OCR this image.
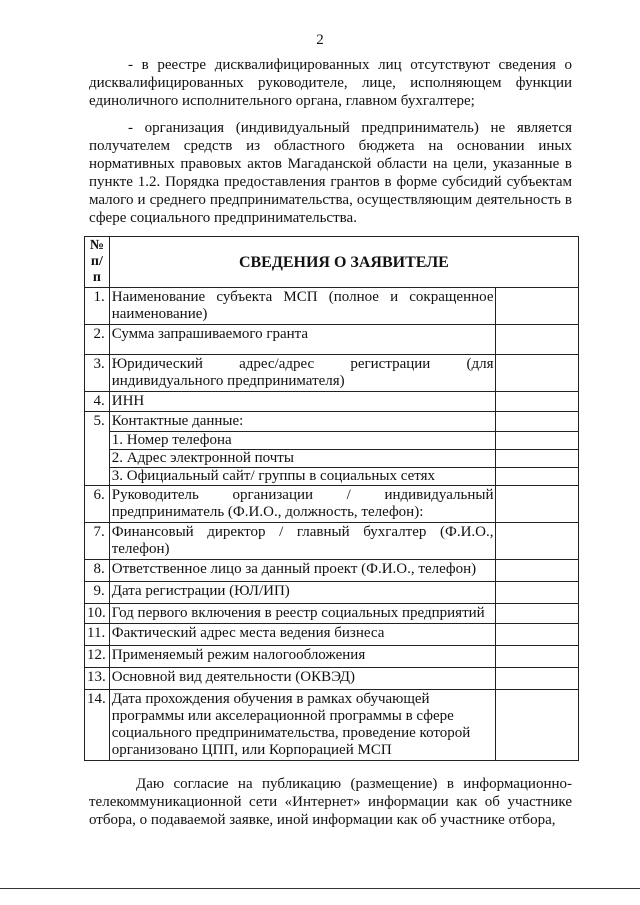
2
- в реестре дисквалифицированных лиц отсутствуют сведения о дисквалифицированных руководителе, лице, исполняющем функции единоличного исполнительного органа, главном бухгалтере;
- организация (индивидуальный предприниматель) не является получателем средств из областного бюджета на основании иных нормативных правовых актов Магаданской области на цели, указанные в пункте 1.2. Порядка предоставления грантов в форме субсидий субъектам малого и среднего предпринимательства, осуществляющим деятельность в сфере социального предпринимательства.
№ п/п	СВЕДЕНИЯ О ЗАЯВИТЕЛЕ	
1.	Наименование субъекта МСП (полное и сокращенное наименование)	
2.	Сумма запрашиваемого гранта	
3.	Юридический адрес/адрес регистрации (для индивидуального предпринимателя)	
4.	ИНН	
5.	Контактные данные:	
	1. Номер телефона	
	2. Адрес электронной почты	
	3. Официальный сайт/ группы в социальных сетях	
6.	Руководитель организации / индивидуальный предприниматель (Ф.И.О., должность, телефон):	
7.	Финансовый директор / главный бухгалтер (Ф.И.О., телефон)	
8.	Ответственное лицо за данный проект (Ф.И.О., телефон)	
9.	Дата регистрации (ЮЛ/ИП)	
10.	Год первого включения в реестр социальных предприятий	
11.	Фактический адрес места ведения бизнеса	
12.	Применяемый режим налогообложения	
13.	Основной вид деятельности (ОКВЭД)	
14.	Дата прохождения обучения в рамках обучающей программы или акселерационной программы в сфере социального предпринимательства, проведение которой организовано ЦПП, или Корпорацией МСП	
Даю согласие на публикацию (размещение) в информационно-телекоммуникационной сети «Интернет» информации как об участнике отбора, о подаваемой заявке, иной информации как об участнике отбора,
